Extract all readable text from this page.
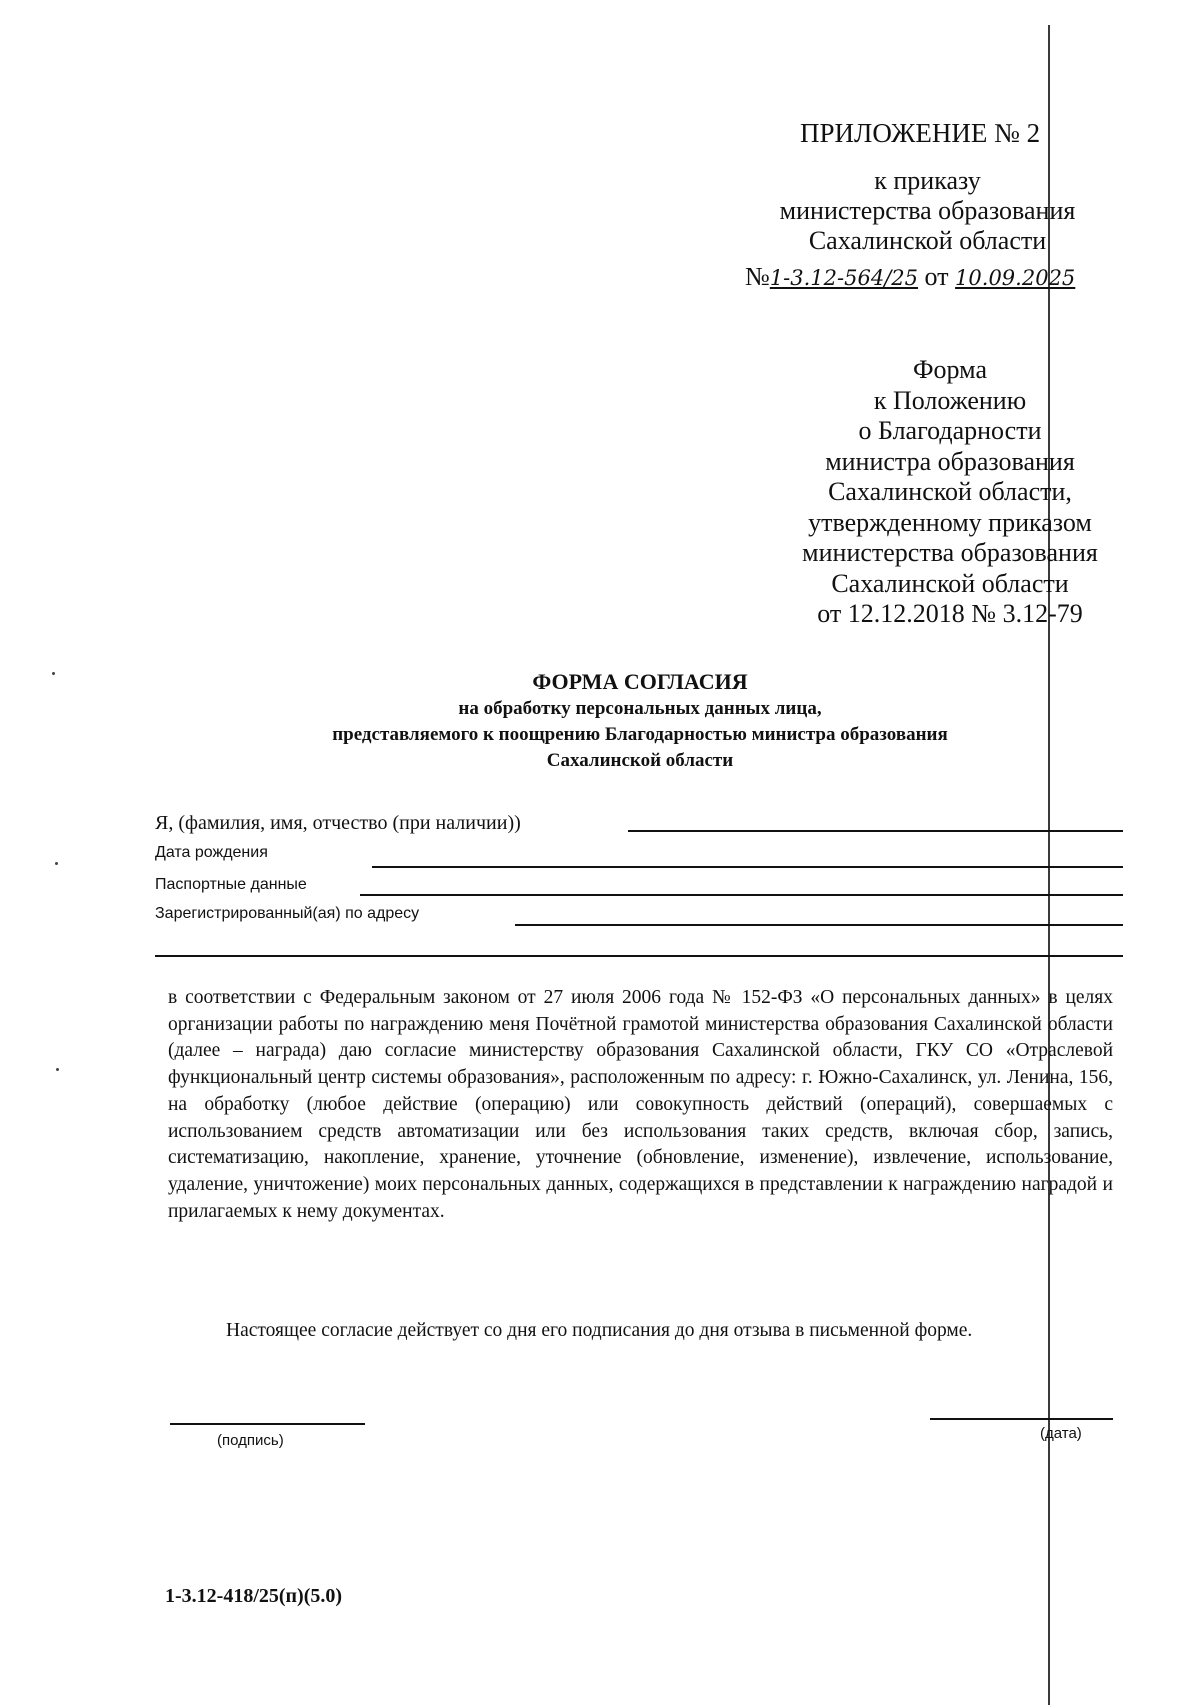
ПРИЛОЖЕНИЕ № 2
к приказу
министерства образования
Сахалинской области
№1-3.12-564/25 от 10.09.2025
Форма
к Положению
о Благодарности
министра образования
Сахалинской области,
утвержденному приказом
министерства образования
Сахалинской области
от 12.12.2018 № 3.12-79
ФОРМА СОГЛАСИЯ
на обработку персональных данных лица,
представляемого к поощрению Благодарностью министра образования
Сахалинской области
Я, (фамилия, имя, отчество (при наличии))
Дата рождения
Паспортные данные
Зарегистрированный(ая) по адресу

в соответствии с Федеральным законом от 27 июля 2006 года № 152-ФЗ «О персональных данных» в целях организации работы по награждению меня Почётной грамотой министерства образования Сахалинской области (далее – награда) даю согласие министерству образования Сахалинской области, ГКУ СО «Отраслевой функциональный центр системы образования», расположенным по адресу: г. Южно-Сахалинск, ул. Ленина, 156, на обработку (любое действие (операцию) или совокупность действий (операций), совершаемых с использованием средств автоматизации или без использования таких средств, включая сбор, запись, систематизацию, накопление, хранение, уточнение (обновление, изменение), извлечение, использование, удаление, уничтожение) моих персональных данных, содержащихся в представлении к награждению наградой и прилагаемых к нему документах.

Настоящее согласие действует со дня его подписания до дня отзыва в письменной форме.

(подпись)	(дата)
1-3.12-418/25(п)(5.0)
